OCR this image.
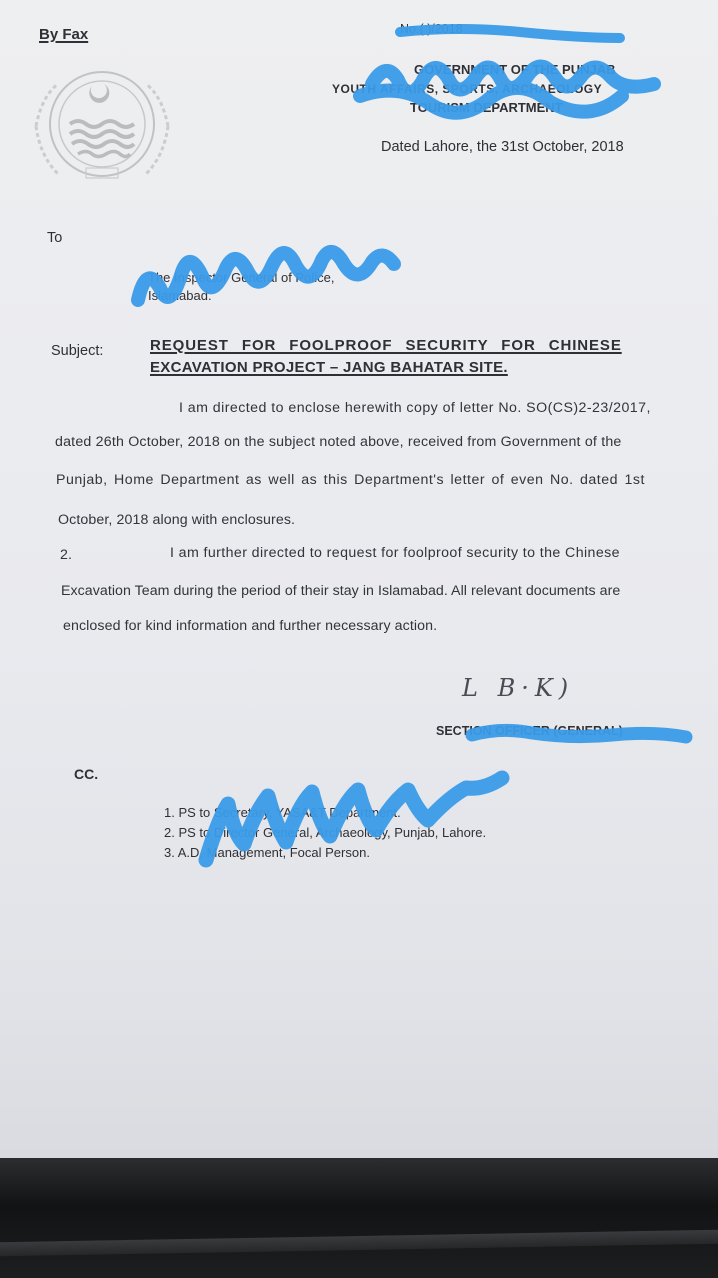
By Fax	No.( )/2018
GOVERNMENT OF THE PUNJAB
YOUTH AFFAIRS, SPORTS, ARCHAEOLOGY
TOURISM DEPARTMENT
Dated Lahore, the 31st October, 2018
To
The Inspector General of Police,
Islamabad.
Subject:	REQUEST FOR FOOLPROOF SECURITY FOR CHINESE
EXCAVATION PROJECT – JANG BAHATAR SITE.
I am directed to enclose herewith copy of letter No. SO(CS)2-23/2017,
dated 26th October, 2018 on the subject noted above, received from Government of the
Punjab, Home Department as well as this Department's letter of even No. dated 1st
October, 2018 along with enclosures.
2.	I am further directed to request for foolproof security to the Chinese
Excavation Team during the period of their stay in Islamabad. All relevant documents are
enclosed for kind information and further necessary action.
L B·K)
SECTION OFFICER (GENERAL)
CC.
1. PS to Secretary, YASA&T Department.
2. PS to Director General, Archaeology, Punjab, Lahore.
3. A.D, Management, Focal Person.
